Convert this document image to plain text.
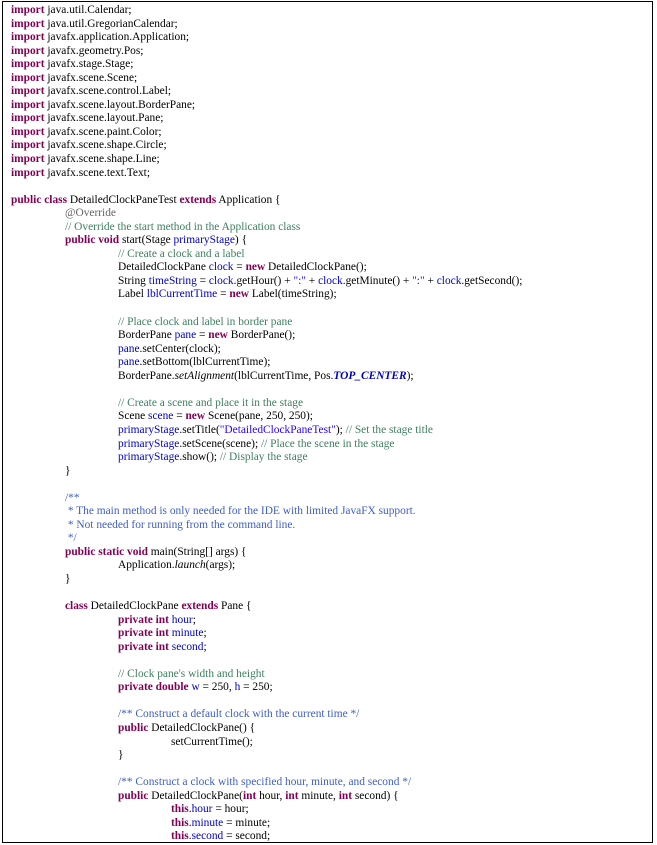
import java.util.Calendar;
import java.util.GregorianCalendar;
import javafx.application.Application;
import javafx.geometry.Pos;
import javafx.stage.Stage;
import javafx.scene.Scene;
import javafx.scene.control.Label;
import javafx.scene.layout.BorderPane;
import javafx.scene.layout.Pane;
import javafx.scene.paint.Color;
import javafx.scene.shape.Circle;
import javafx.scene.shape.Line;
import javafx.scene.text.Text;

public class DetailedClockPaneTest extends Application {
@Override
// Override the start method in the Application class
public void start(Stage primaryStage) {
// Create a clock and a label
DetailedClockPane clock = new DetailedClockPane();
String timeString = clock.getHour() + ":" + clock.getMinute() + ":" + clock.getSecond();
Label lblCurrentTime = new Label(timeString);

// Place clock and label in border pane
BorderPane pane = new BorderPane();
pane.setCenter(clock);
pane.setBottom(lblCurrentTime);
BorderPane.setAlignment(lblCurrentTime, Pos.TOP_CENTER);

// Create a scene and place it in the stage
Scene scene = new Scene(pane, 250, 250);
primaryStage.setTitle("DetailedClockPaneTest"); // Set the stage title
primaryStage.setScene(scene); // Place the scene in the stage
primaryStage.show(); // Display the stage
}

/**
* The main method is only needed for the IDE with limited JavaFX support.
* Not needed for running from the command line.
*/
public static void main(String[] args) {
Application.launch(args);
}

class DetailedClockPane extends Pane {
private int hour;
private int minute;
private int second;

// Clock pane's width and height
private double w = 250, h = 250;

/** Construct a default clock with the current time */
public DetailedClockPane() {
setCurrentTime();
}

/** Construct a clock with specified hour, minute, and second */
public DetailedClockPane(int hour, int minute, int second) {
this.hour = hour;
this.minute = minute;
this.second = second;
